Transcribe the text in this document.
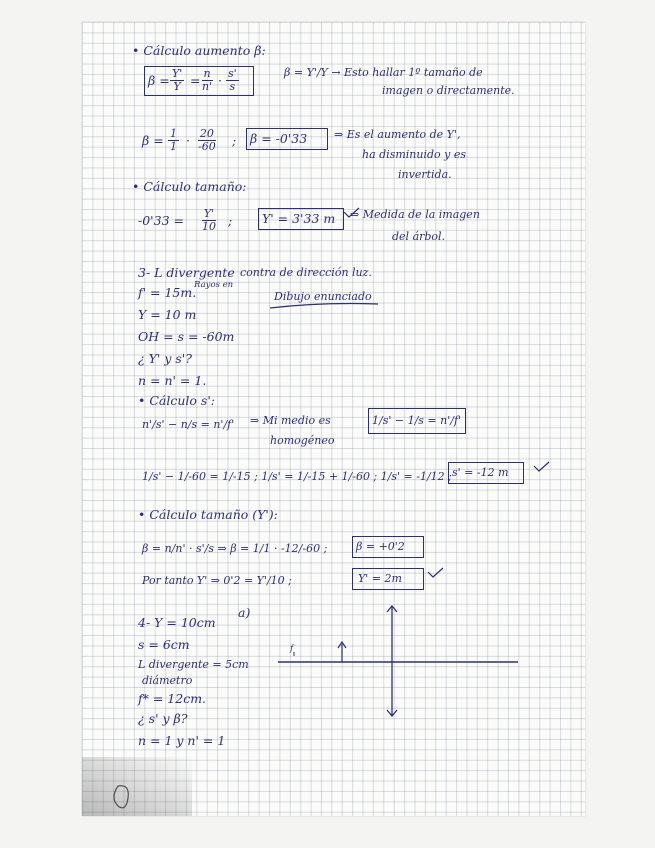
• Cálculo aumento β:
$\beta = \frac{Y'}{Y} = \frac{n}{n'} \cdot \frac{s'}{s}$	β = Y'/Y → Esto hallar 1º tamaño de
imagen o directamente.
$\beta = \frac{1}{1} \cdot \frac{20}{-60}$ ; β = -0'33 ⇒ Es el aumento de Y',
ha disminuido y es
invertida.
• Cálculo tamaño:
$-0'33 = \frac{Y'}{10}$ ; Y' = 3'33 m ⇒ Medida de la imagen
del árbol.
3- L divergente
Rayos en
contra de dirección luz.
f' = 15m.	Dibujo enunciado
Y = 10 m
OH = s = -60m
¿ Y' y s'?
n = n' = 1.
• Cálculo s':
n'/s' − n/s = n'/f' ⇒ Mi medio es
homogéneo
1/s' − 1/s = n'/f'
1/s' − 1/-60 = 1/-15 ; 1/s' = 1/-15 + 1/-60 ; 1/s' = -1/12 ; s' = -12 m
• Cálculo tamaño (Y'):
β = n/n' · s'/s ⇒ β = 1/1 · -12/-60 ;	β = +0'2
Por tanto Y' ⇒ 0'2 = Y'/10 ;	Y' = 2m
4- Y = 10cm
a)
s = 6cm
L divergente = 5cm
diámetro
f* = 12cm.
¿ s' y β?
n = 1 y n' = 1
f
